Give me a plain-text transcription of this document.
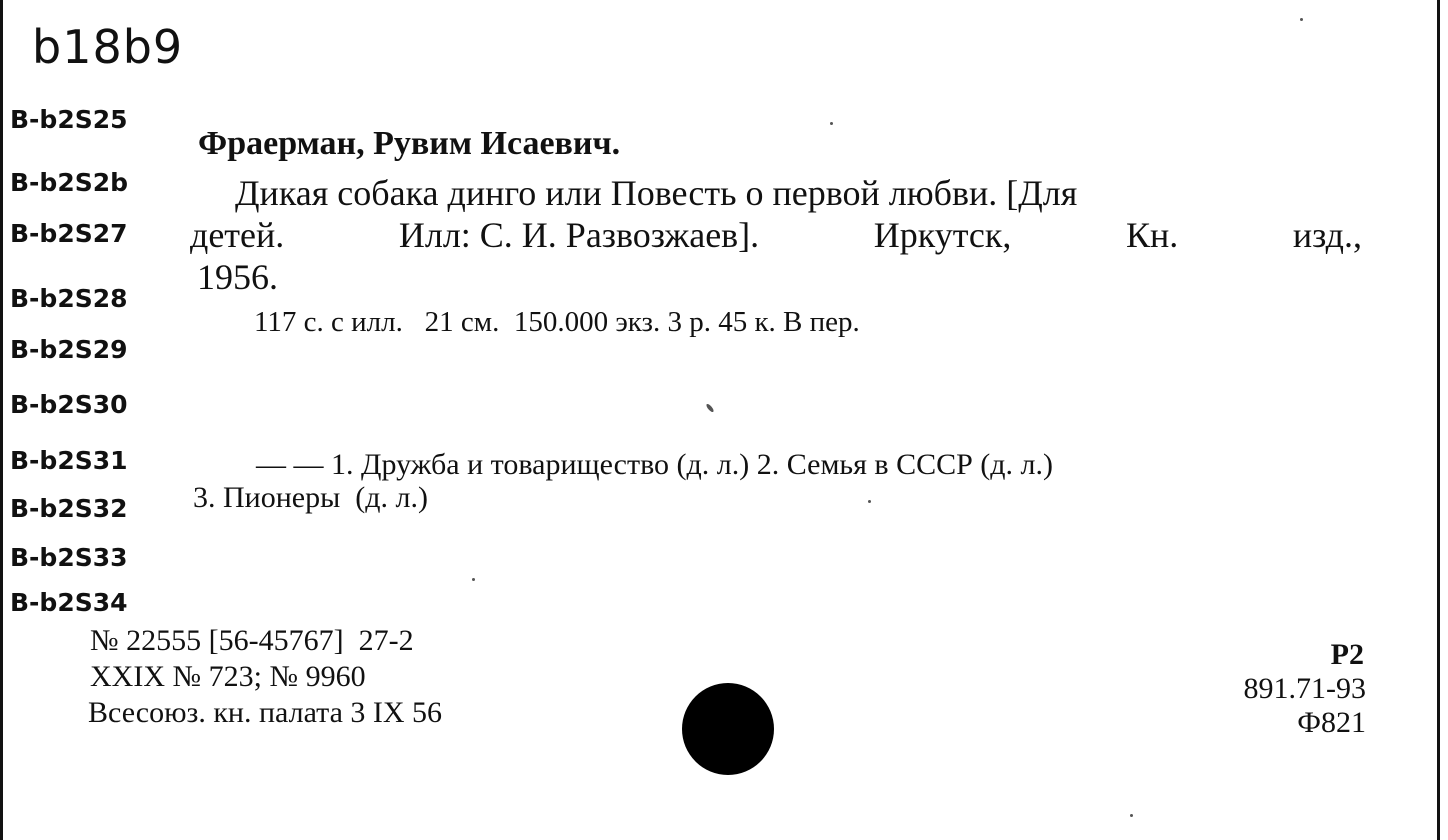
b18b9
B-b2S25
B-b2S2b
B-b2S27
B-b2S28
B-b2S29
B-b2S30
B-b2S31
B-b2S32
B-b2S33
B-b2S34
Фраерман, Рувим Исаевич.
Дикая собака динго или Повесть о первой любви. [Для
детей.	Илл: С. И. Развозжаев].	Иркутск,	Кн.	изд.,
1956.
117 с. с илл.   21 см.  150.000 экз. 3 р. 45 к. В пер.
— — 1. Дружба и товарищество (д. л.) 2. Семья в СССР (д. л.)
3. Пионеры  (д. л.)
№ 22555 [56-45767]  27-2
XXIX № 723; № 9960
Всесоюз. кн. палата 3 IX 56
Р2
891.71-93
Ф821
